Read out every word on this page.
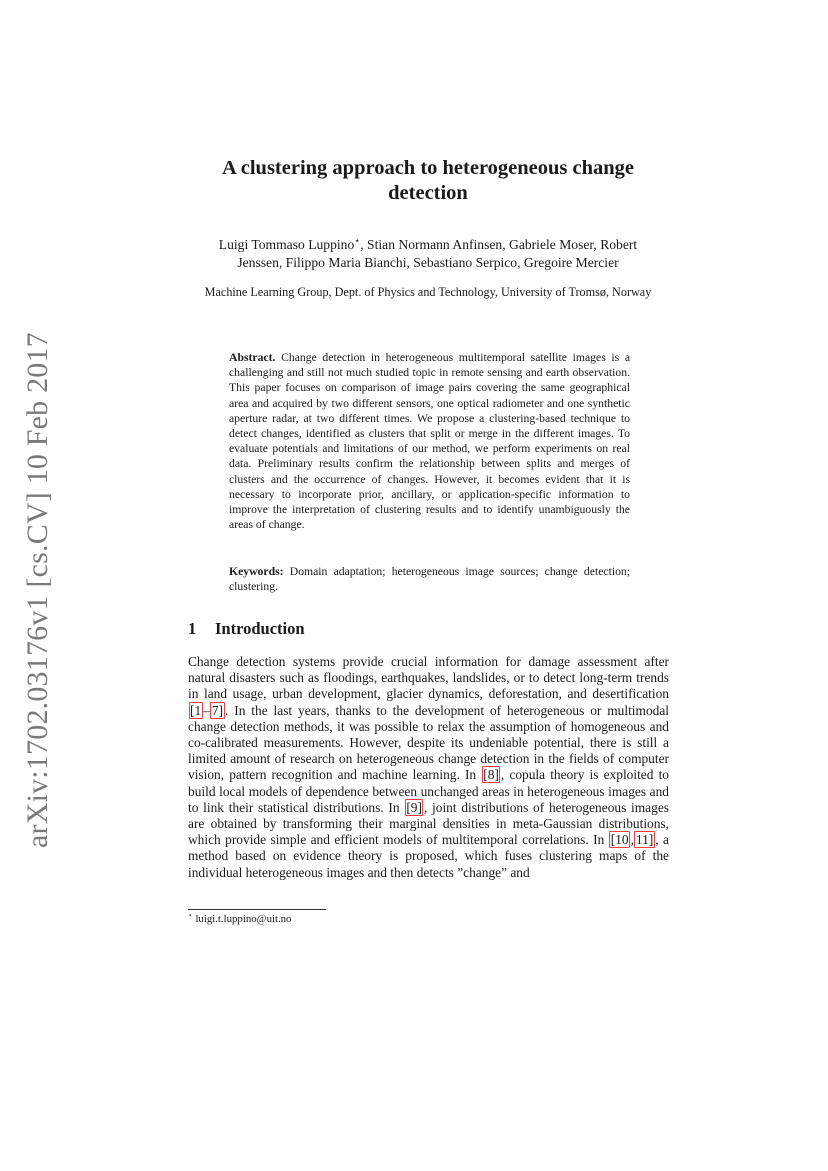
arXiv:1702.03176v1 [cs.CV] 10 Feb 2017
A clustering approach to heterogeneous change
detection
Luigi Tommaso Luppino⋆, Stian Normann Anfinsen, Gabriele Moser, Robert
Jenssen, Filippo Maria Bianchi, Sebastiano Serpico, Gregoire Mercier
Machine Learning Group, Dept. of Physics and Technology, University of Tromsø, Norway
Abstract. Change detection in heterogeneous multitemporal satellite images is a challenging and still not much studied topic in remote sensing and earth observation. This paper focuses on comparison of image pairs covering the same geographical area and acquired by two different sensors, one optical radiometer and one synthetic aperture radar, at two different times. We propose a clustering-based technique to detect changes, identified as clusters that split or merge in the different images. To evaluate potentials and limitations of our method, we perform experiments on real data. Preliminary results confirm the relationship between splits and merges of clusters and the occurrence of changes. However, it becomes evident that it is necessary to incorporate prior, ancillary, or application-specific information to improve the interpretation of clustering results and to identify unambiguously the areas of change.
Keywords: Domain adaptation; heterogeneous image sources; change detection; clustering.
1 Introduction
Change detection systems provide crucial information for damage assessment after natural disasters such as floodings, earthquakes, landslides, or to detect long-term trends in land usage, urban development, glacier dynamics, deforestation, and desertification [1 – 7] . In the last years, thanks to the development of heterogeneous or multimodal change detection methods, it was possible to relax the assumption of homogeneous and co-calibrated measurements. However, despite its undeniable potential, there is still a limited amount of research on heterogeneous change detection in the fields of computer vision, pattern recognition and machine learning. In [8] , copula theory is exploited to build local models of dependence between unchanged areas in heterogeneous images and to link their statistical distributions. In [9] , joint distributions of heterogeneous images are obtained by transforming their marginal densities in meta-Gaussian distributions, which provide simple and efficient models of multitemporal correlations. In [10 , 11] , a method based on evidence theory is proposed, which fuses clustering maps of the individual heterogeneous images and then detects ”change” and
⋆ luigi.t.luppino@uit.no
